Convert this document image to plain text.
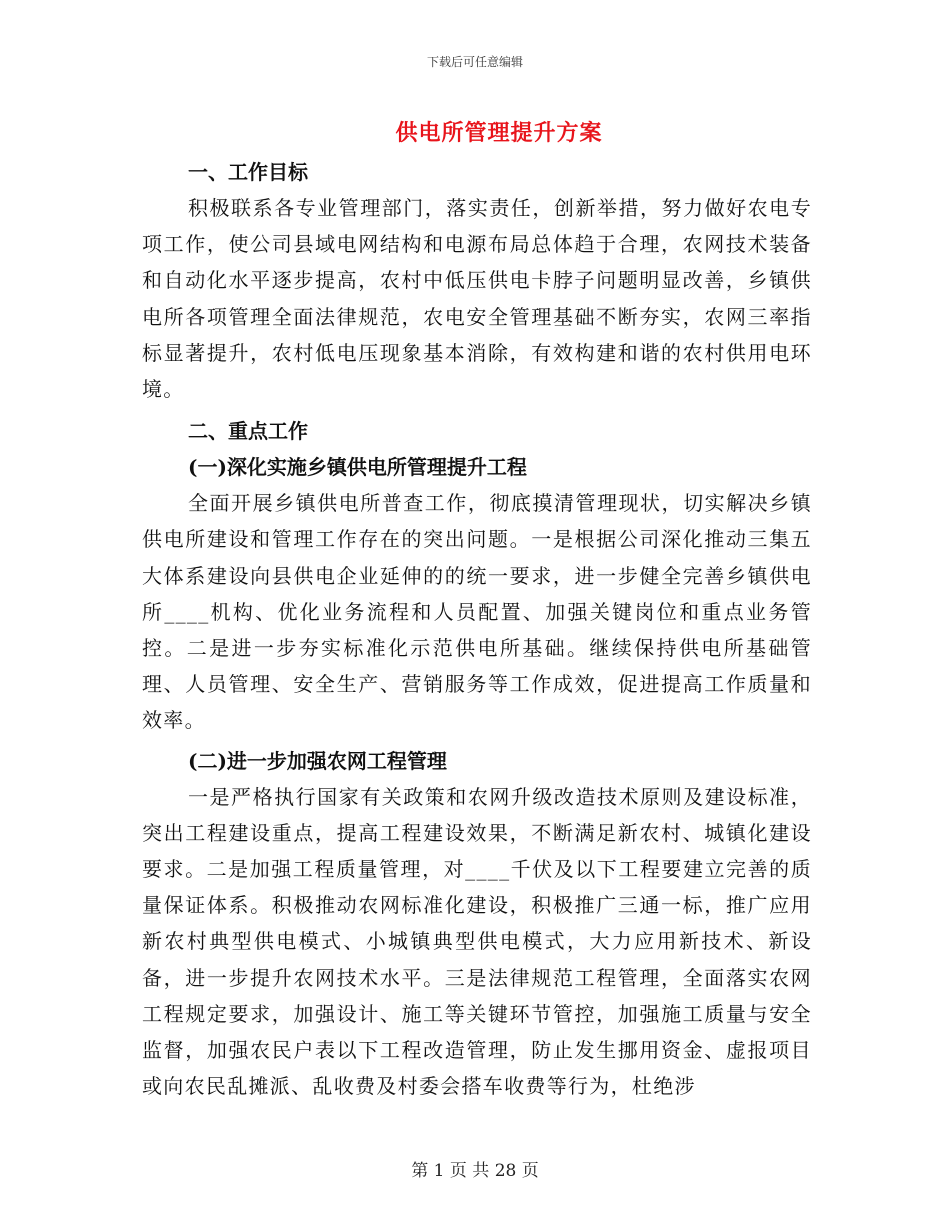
下载后可任意编辑
供电所管理提升方案
一、工作目标

积极联系各专业管理部门，落实责任，创新举措，努力做好农电专项工作，使公司县域电网结构和电源布局总体趋于合理，农网技术装备和自动化水平逐步提高，农村中低压供电卡脖子问题明显改善，乡镇供电所各项管理全面法律规范，农电安全管理基础不断夯实，农网三率指标显著提升，农村低电压现象基本消除，有效构建和谐的农村供用电环境。

二、重点工作
(一)深化实施乡镇供电所管理提升工程

全面开展乡镇供电所普查工作，彻底摸清管理现状，切实解决乡镇供电所建设和管理工作存在的突出问题。一是根据公司深化推动三集五大体系建设向县供电企业延伸的的统一要求，进一步健全完善乡镇供电所____机构、优化业务流程和人员配置、加强关键岗位和重点业务管控。二是进一步夯实标准化示范供电所基础。继续保持供电所基础管理、人员管理、安全生产、营销服务等工作成效，促进提高工作质量和效率。

(二)进一步加强农网工程管理

一是严格执行国家有关政策和农网升级改造技术原则及建设标准，突出工程建设重点，提高工程建设效果，不断满足新农村、城镇化建设要求。二是加强工程质量管理，对____千伏及以下工程要建立完善的质量保证体系。积极推动农网标准化建设，积极推广三通一标，推广应用新农村典型供电模式、小城镇典型供电模式，大力应用新技术、新设备，进一步提升农网技术水平。三是法律规范工程管理，全面落实农网工程规定要求，加强设计、施工等关键环节管控，加强施工质量与安全监督，加强农民户表以下工程改造管理，防止发生挪用资金、虚报项目或向农民乱摊派、乱收费及村委会搭车收费等行为，杜绝涉

第 1 页 共 28 页
